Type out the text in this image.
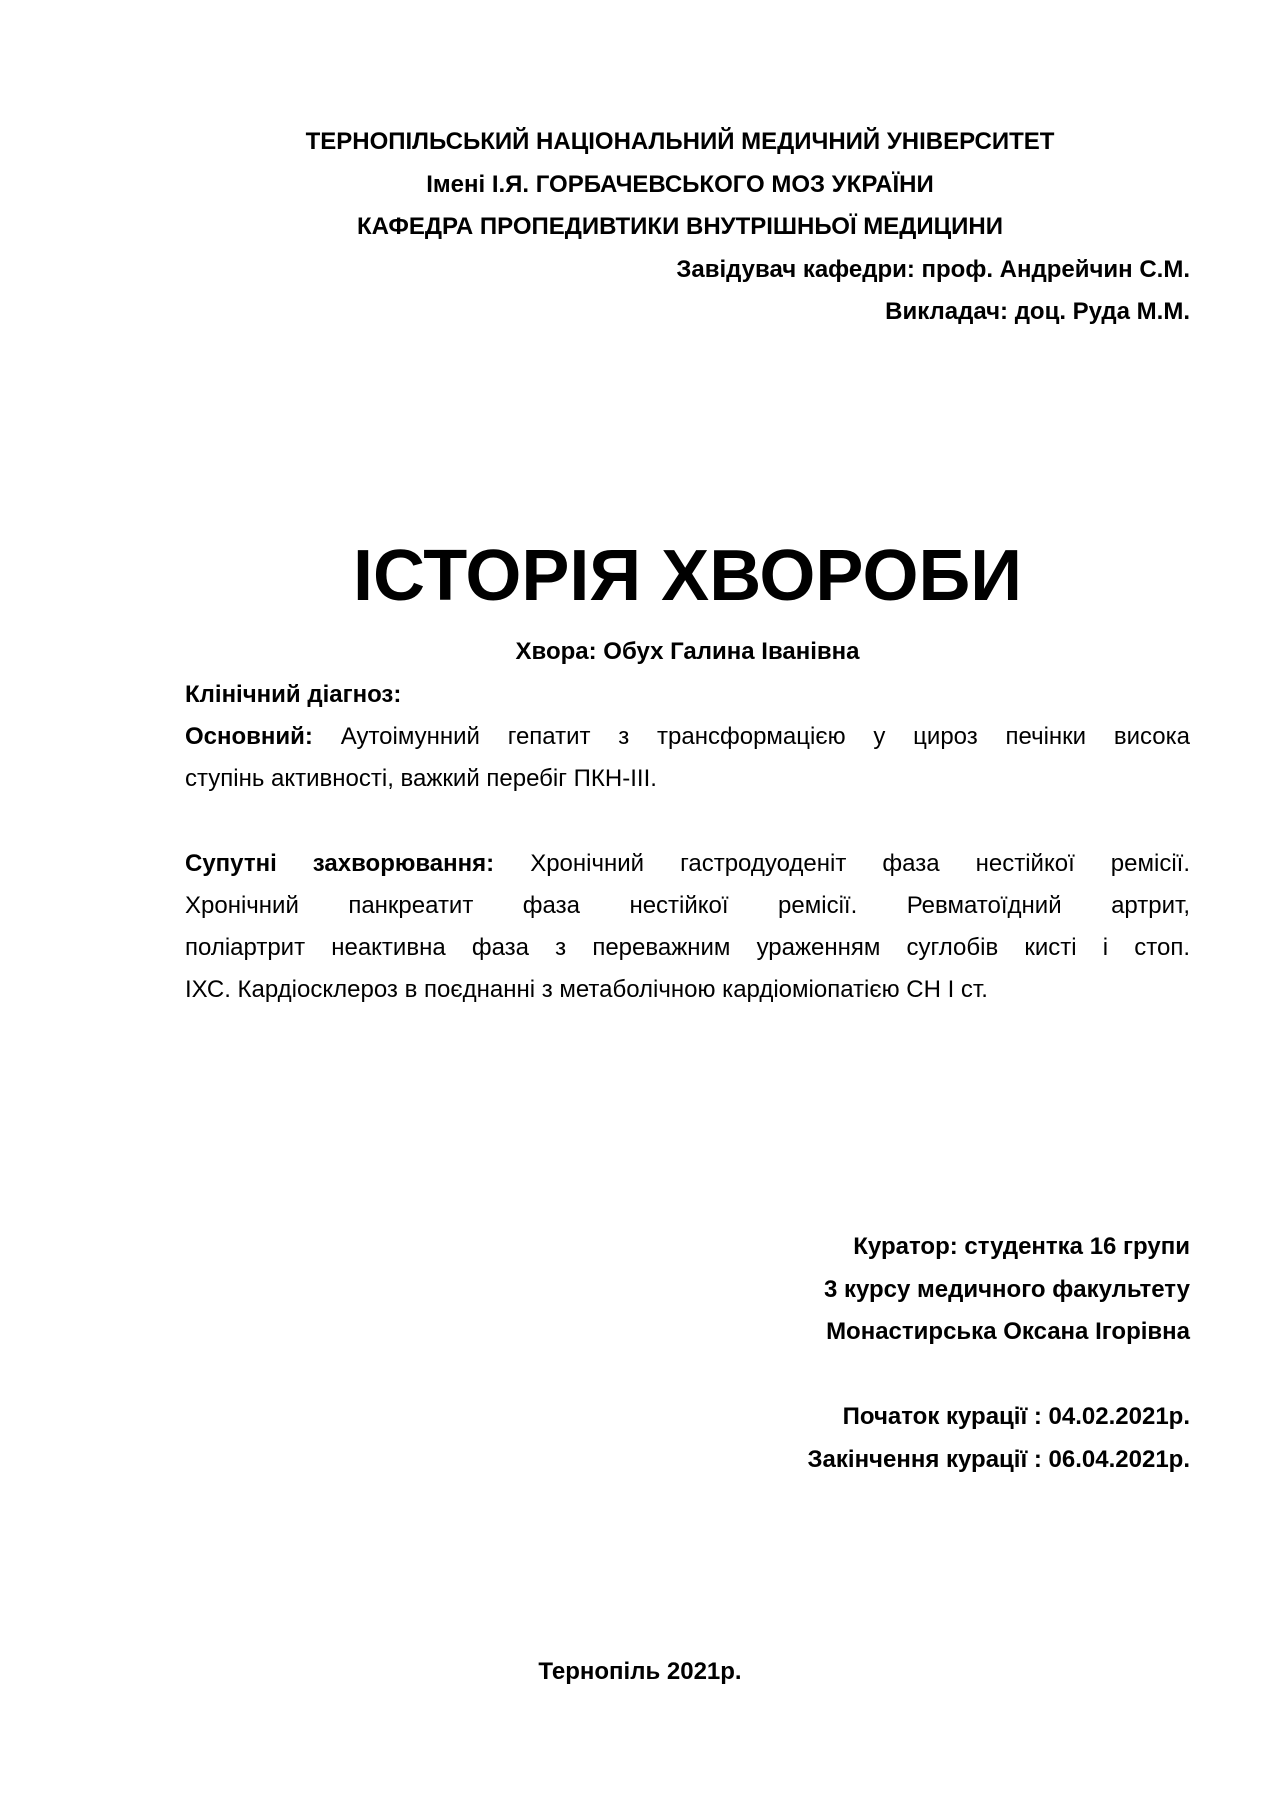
ТЕРНОПІЛЬСЬКИЙ НАЦІОНАЛЬНИЙ МЕДИЧНИЙ УНІВЕРСИТЕТ
Імені І.Я. ГОРБАЧЕВСЬКОГО МОЗ УКРАЇНИ
КАФЕДРА ПРОПЕДИВТИКИ ВНУТРІШНЬОЇ МЕДИЦИНИ
Завідувач кафедри: проф. Андрейчин С.М.
Викладач: доц. Руда М.М.
ІСТОРІЯ ХВОРОБИ
Хвора: Обух Галина Іванівна
Клінічний діагноз:
Основний: Аутоімунний гепатит з трансформацією у цироз печінки висока
ступінь активності, важкий перебіг ПКН-ІІІ.
Супутні захворювання: Хронічний гастродуоденіт фаза нестійкої ремісії.
Хронічний панкреатит фаза нестійкої ремісії. Ревматоїдний артрит,
поліартрит неактивна фаза з переважним ураженням суглобів кисті і стоп.
ІХС. Кардіосклероз в поєднанні з метаболічною кардіоміопатією СН І ст.
Куратор: студентка 16 групи
3 курсу медичного факультету
Монастирська Оксана Ігорівна
Початок курації : 04.02.2021р.
Закінчення курації : 06.04.2021р.
Тернопіль 2021р.
